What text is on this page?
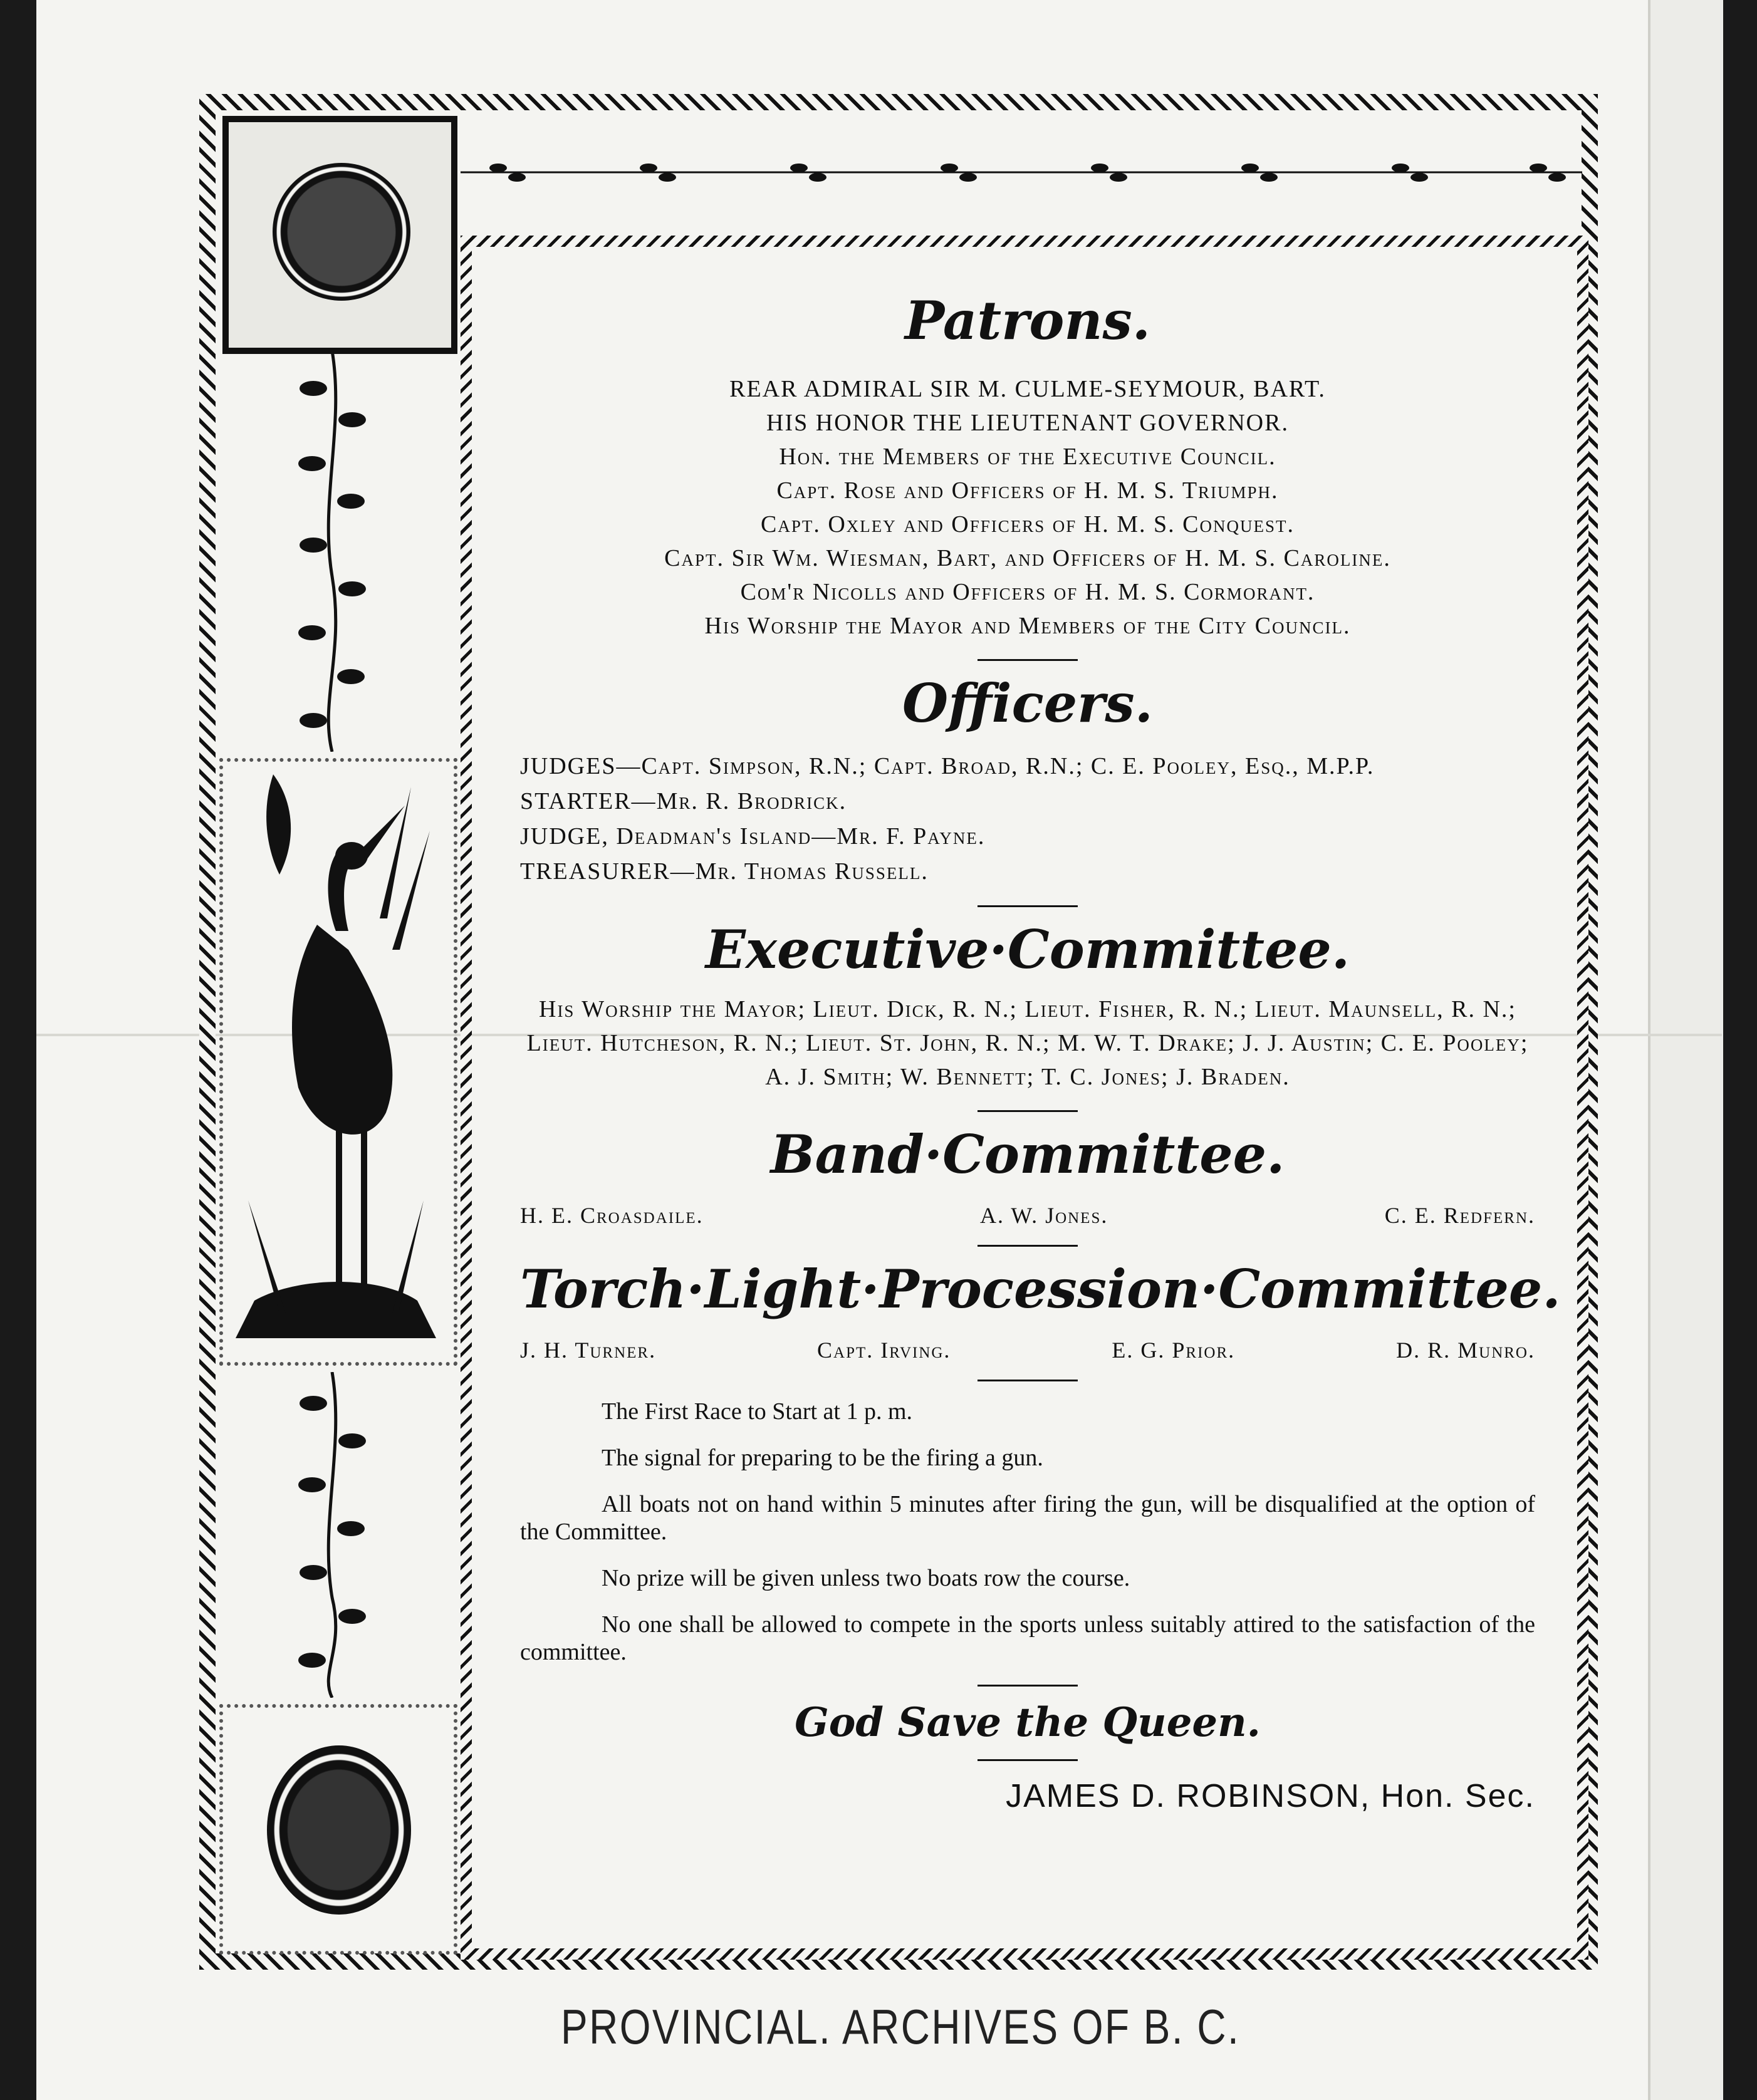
Patrons.
REAR ADMIRAL SIR M. CULME-SEYMOUR, BART.
HIS HONOR THE LIEUTENANT GOVERNOR.
Hon. the Members of the Executive Council.
Capt. Rose and Officers of H. M. S. Triumph.
Capt. Oxley and Officers of H. M. S. Conquest.
Capt. Sir Wm. Wiesman, Bart, and Officers of H. M. S. Caroline.
Com'r Nicolls and Officers of H. M. S. Cormorant.
His Worship the Mayor and Members of the City Council.
Officers.
JUDGES—Capt. Simpson, R.N.; Capt. Broad, R.N.; C. E. Pooley, Esq., M.P.P.
STARTER—Mr. R. Brodrick.
JUDGE, Deadman's Island—Mr. F. Payne.
TREASURER—Mr. Thomas Russell.
Executive·Committee.
His Worship the Mayor; Lieut. Dick, R. N.; Lieut. Fisher, R. N.; Lieut. Maunsell, R. N.; Lieut. Hutcheson, R. N.; Lieut. St. John, R. N.; M. W. T. Drake; J. J. Austin; C. E. Pooley; A. J. Smith; W. Bennett; T. C. Jones; J. Braden.
Band·Committee.
H. E. Croasdaile.	A. W. Jones.	C. E. Redfern.
Torch·Light·Procession·Committee.
J. H. Turner.	Capt. Irving.	E. G. Prior.	D. R. Munro.

The First Race to Start at 1 p. m.

The signal for preparing to be the firing a gun.

All boats not on hand within 5 minutes after firing the gun, will be disqualified at the option of the Committee.

No prize will be given unless two boats row the course.

No one shall be allowed to compete in the sports unless suitably attired to the satisfaction of the committee.

God Save the Queen.
JAMES D. ROBINSON, Hon. Sec.
PROVINCIAL. ARCHIVES OF B. C.
